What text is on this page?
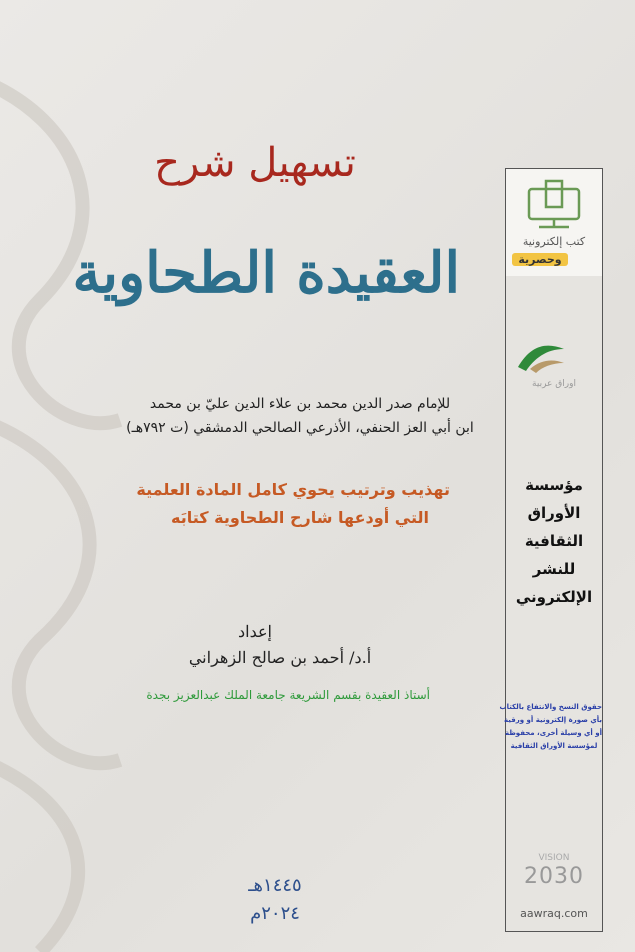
تسهيل شرح
العقيدة الطحاوية
للإمام صدر الدين محمد بن علاء الدين عليّ بن محمد
ابن أبي العز الحنفي، الأذرعي الصالحي الدمشقي (ت ٧٩٢هـ)
تهذيب وترتيب يحوي كامل المادة العلمية
التي أودعها شارح الطحاوية كتابَه
إعداد
أ.د/ أحمد بن صالح الزهراني
أستاذ العقيدة بقسم الشريعة جامعة الملك عبدالعزيز بجدة
١٤٤٥هـ
٢٠٢٤م
كتب إلكترونية
وحصرية
اوراق عربية
مؤسسة
الأوراق
الثقافية
للنشر
الإلكتروني
حقوق النسخ والانتفاع بالكتاب
بأي صورة إلكترونية أو ورقية
أو أي وسيلة أخرى، محفوظة
لمؤسسة الأوراق الثقافية
VISION
2030
aawraq.com
